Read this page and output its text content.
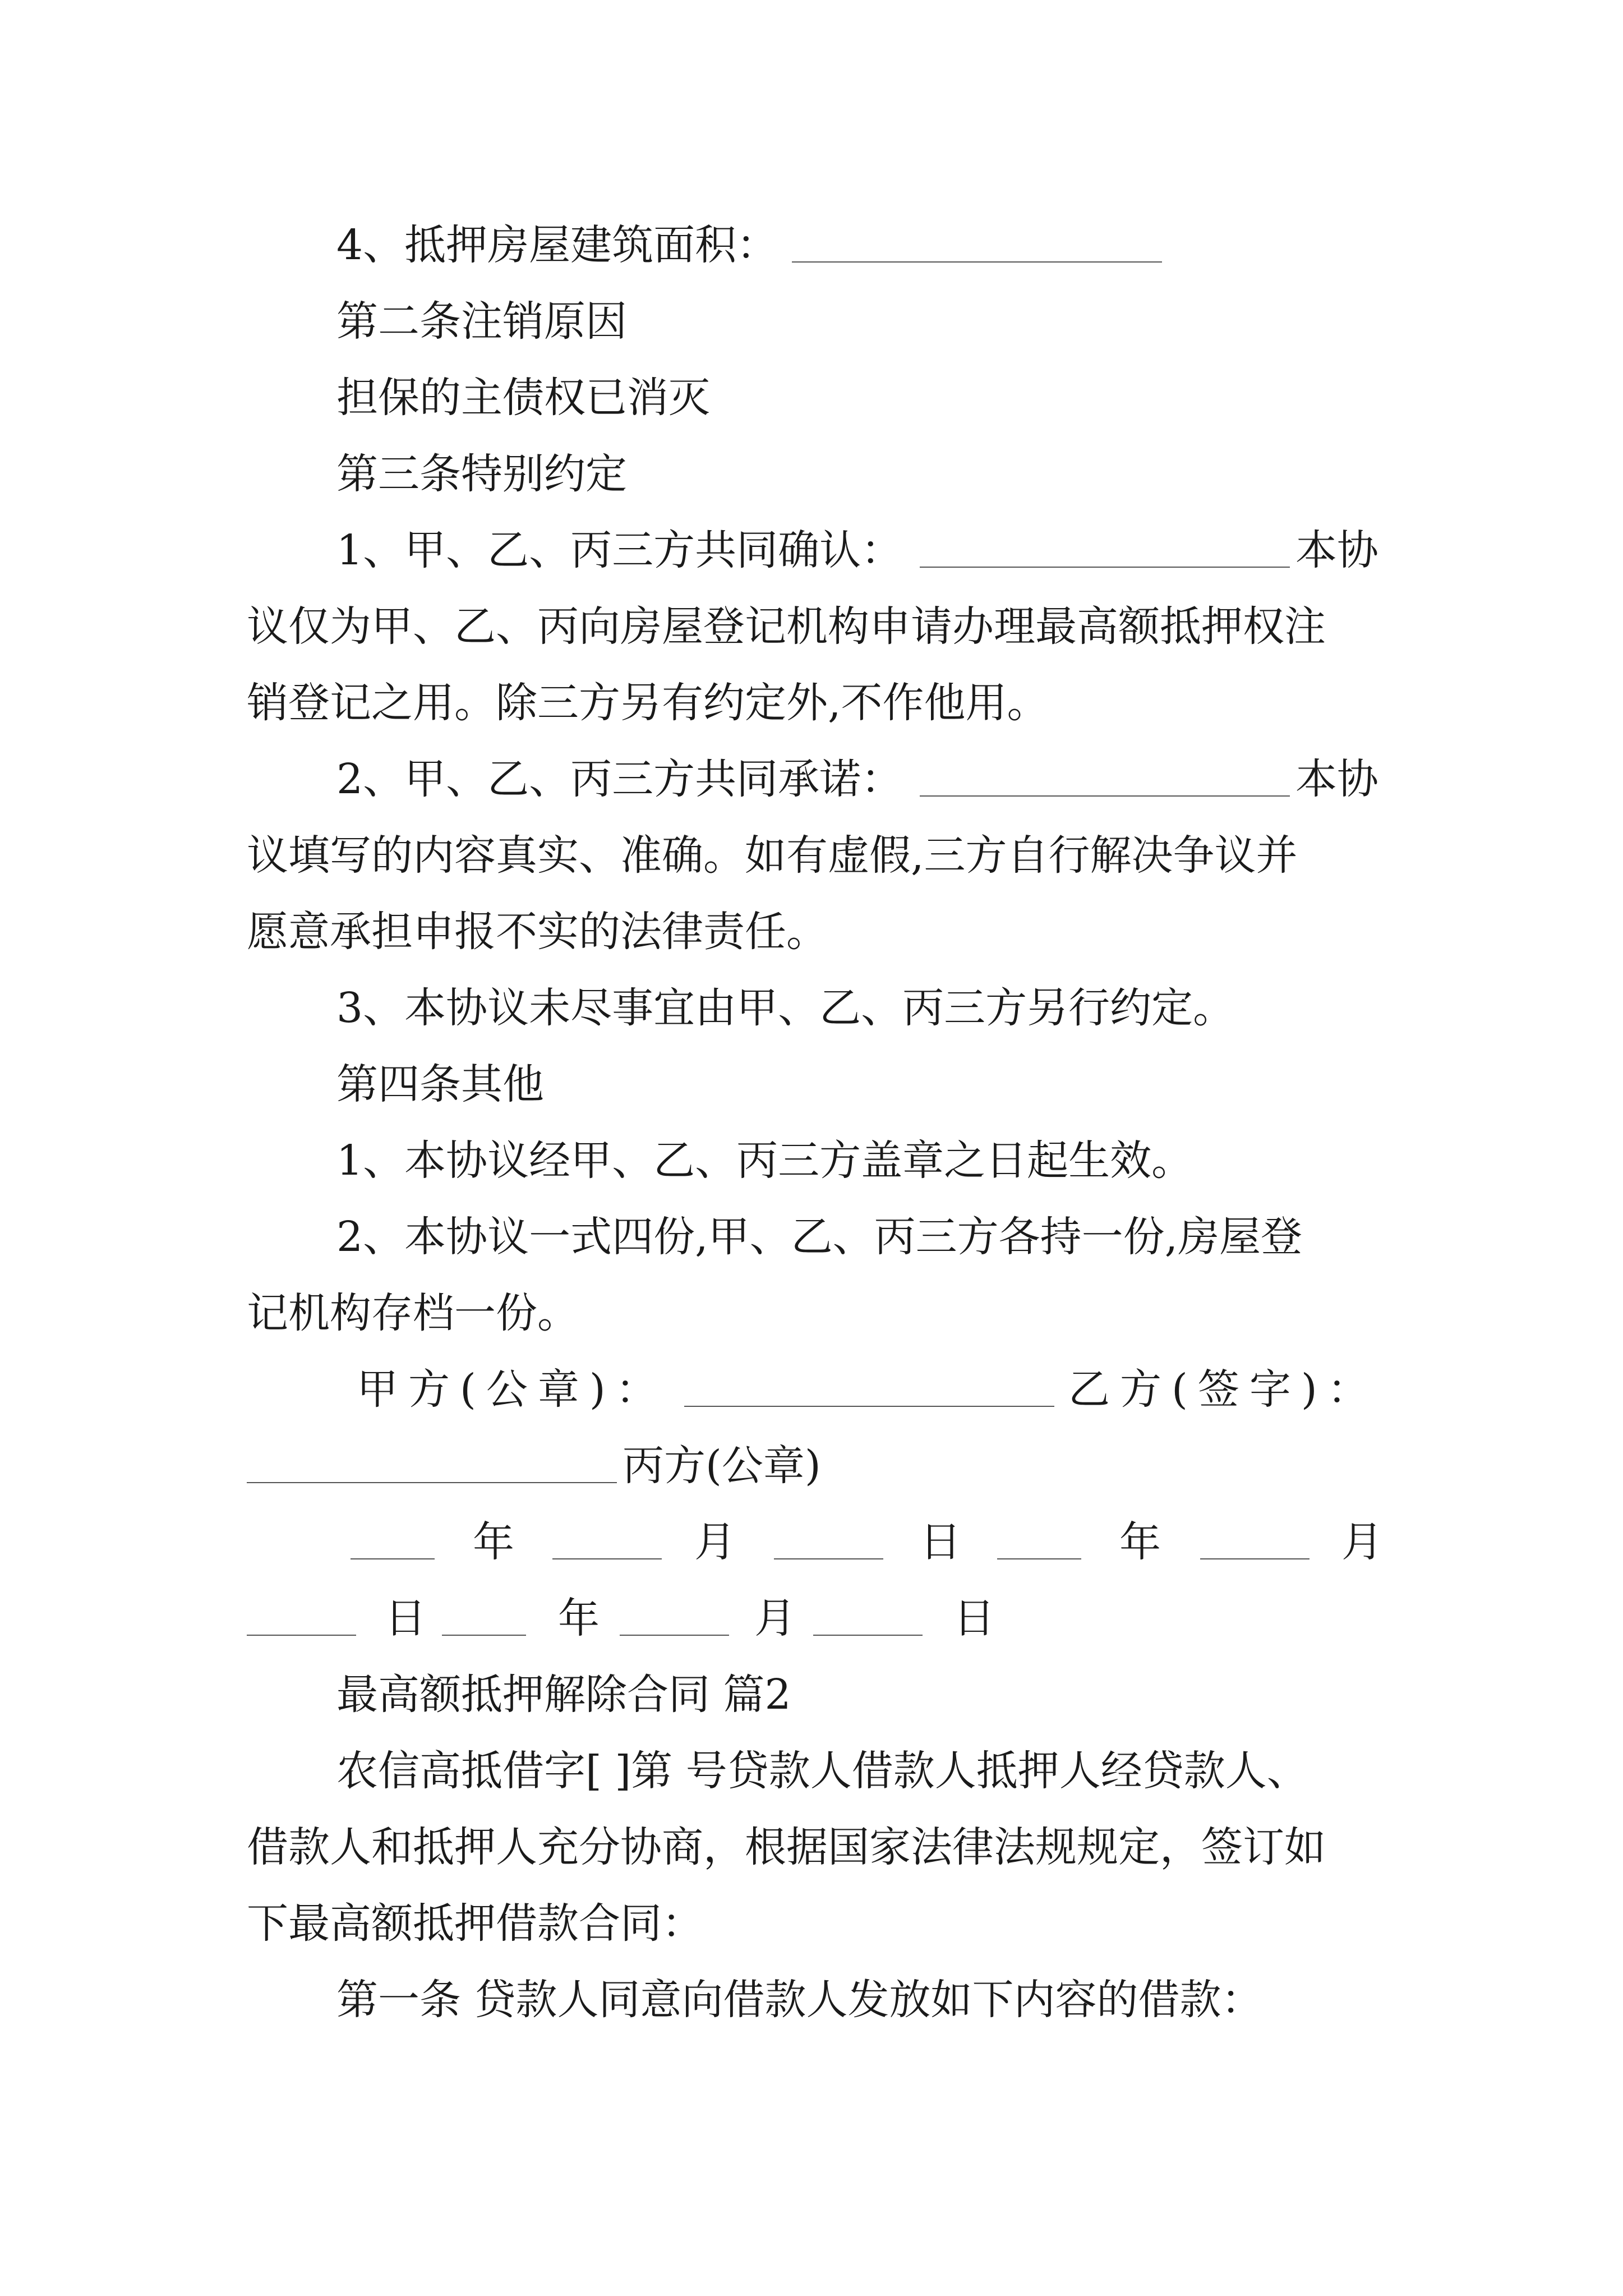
4、抵押房屋建筑面积：
第二条注销原因
担保的主债权已消灭
第三条特别约定
1、甲、乙、丙三方共同确认：	本协
议仅为甲、乙、丙向房屋登记机构申请办理最高额抵押权注
销登记之用。除三方另有约定外,不作他用。
2、甲、乙、丙三方共同承诺：	本协
议填写的内容真实、准确。如有虚假,三方自行解决争议并
愿意承担申报不实的法律责任。
3、本协议未尽事宜由甲、乙、丙三方另行约定。
第四条其他
1、本协议经甲、乙、丙三方盖章之日起生效。
2、本协议一式四份,甲、乙、丙三方各持一份,房屋登
记机构存档一份。
甲方(公章)：	乙方(签字)：
丙方(公章)
年	月	日	年	月
日	年	月	日
最高额抵押解除合同 篇2
农信高抵借字[ ]第 号贷款人借款人抵押人经贷款人、
借款人和抵押人充分协商，根据国家法律法规规定，签订如
下最高额抵押借款合同：
第一条 贷款人同意向借款人发放如下内容的借款：
